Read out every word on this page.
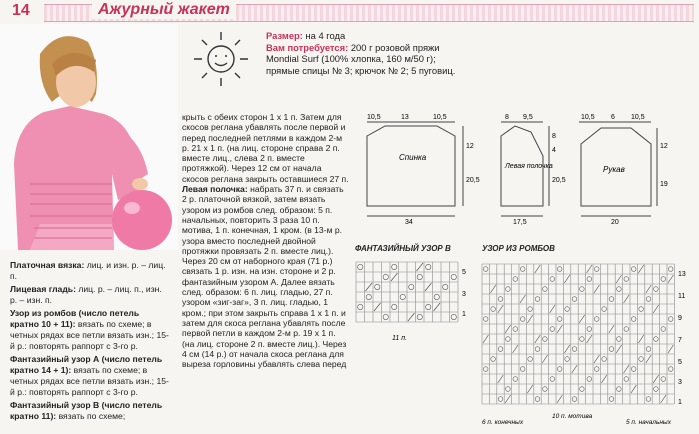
14	Ажурный жакет

Платочная вязка: лиц. и изн. р. – лиц. п.

Лицевая гладь: лиц. р. – лиц. п., изн. р. – изн. п.

Узор из ромбов (число петель кратно 10 + 11): вязать по схеме; в четных рядах все петли вязать изн.; 15-й р.: повторять раппорт с 3-го р.

Фантазийный узор А (число петель кратно 14 + 1): вязать по схеме; в четных рядах все петли вязать изн.; 15-й р.: повторять раппорт с 3-го р.

Фантазийный узор В (число петель кратно 11): вязать по схеме;

Размер: на 4 года
Вам потребуется: 200 г розовой пряжи
Mondial Surf (100% хлопка, 160 м/50 г);
прямые спицы № 3; крючок № 2; 5 пуговиц.

крыть с обеих сторон 1 х 1 п. Затем для скосов реглана убавлять после первой и перед последней петлями в каждом 2-м р. 21 х 1 п. (на лиц. стороне справа 2 п. вместе лиц., слева 2 п. вместе протяжкой). Через 12 см от начала скосов реглана закрыть оставшиеся 27 п.

Левая полочка: набрать 37 п. и связать 2 р. платочной вязкой, затем вязать узором из ромбов след. образом: 5 п. начальных, повторить 3 раза 10 п. мотива, 1 п. конечная, 1 кром. (в 13-м р. узора вместо последней двойной протяжки провязать 2 п. вместе лиц.). Через 20 см от наборного края (71 р.) связать 1 р. изн. на изн. стороне и 2 р. фантазийным узором А. Далее вязать след. образом: 6 п. лиц. гладью, 27 п. узором «зиг-заг», 3 п. лиц. гладью, 1 кром.; при этом закрыть справа 1 х 1 п. и затем для скоса реглана убавлять после первой петли в каждом 2-м р. 19 х 1 п. (на лиц. стороне 2 п. вместе лиц.). Через 4 см (14 р.) от начала скоса реглана для выреза горловины убавлять слева перед

Спинка
10,5	13	10,5
12
20,5
34
Левая полочка
8 9,5
8
4
20,5
17,5
Рукав
10,5 6 10,5
12
19
20
ФАНТАЗИЙНЫЙ УЗОР В
5
3
1
11 п.
УЗОР ИЗ РОМБОВ
13
11
9
7
5
3
1
6 п. конечных
10 п. мотива
5 п. начальных
